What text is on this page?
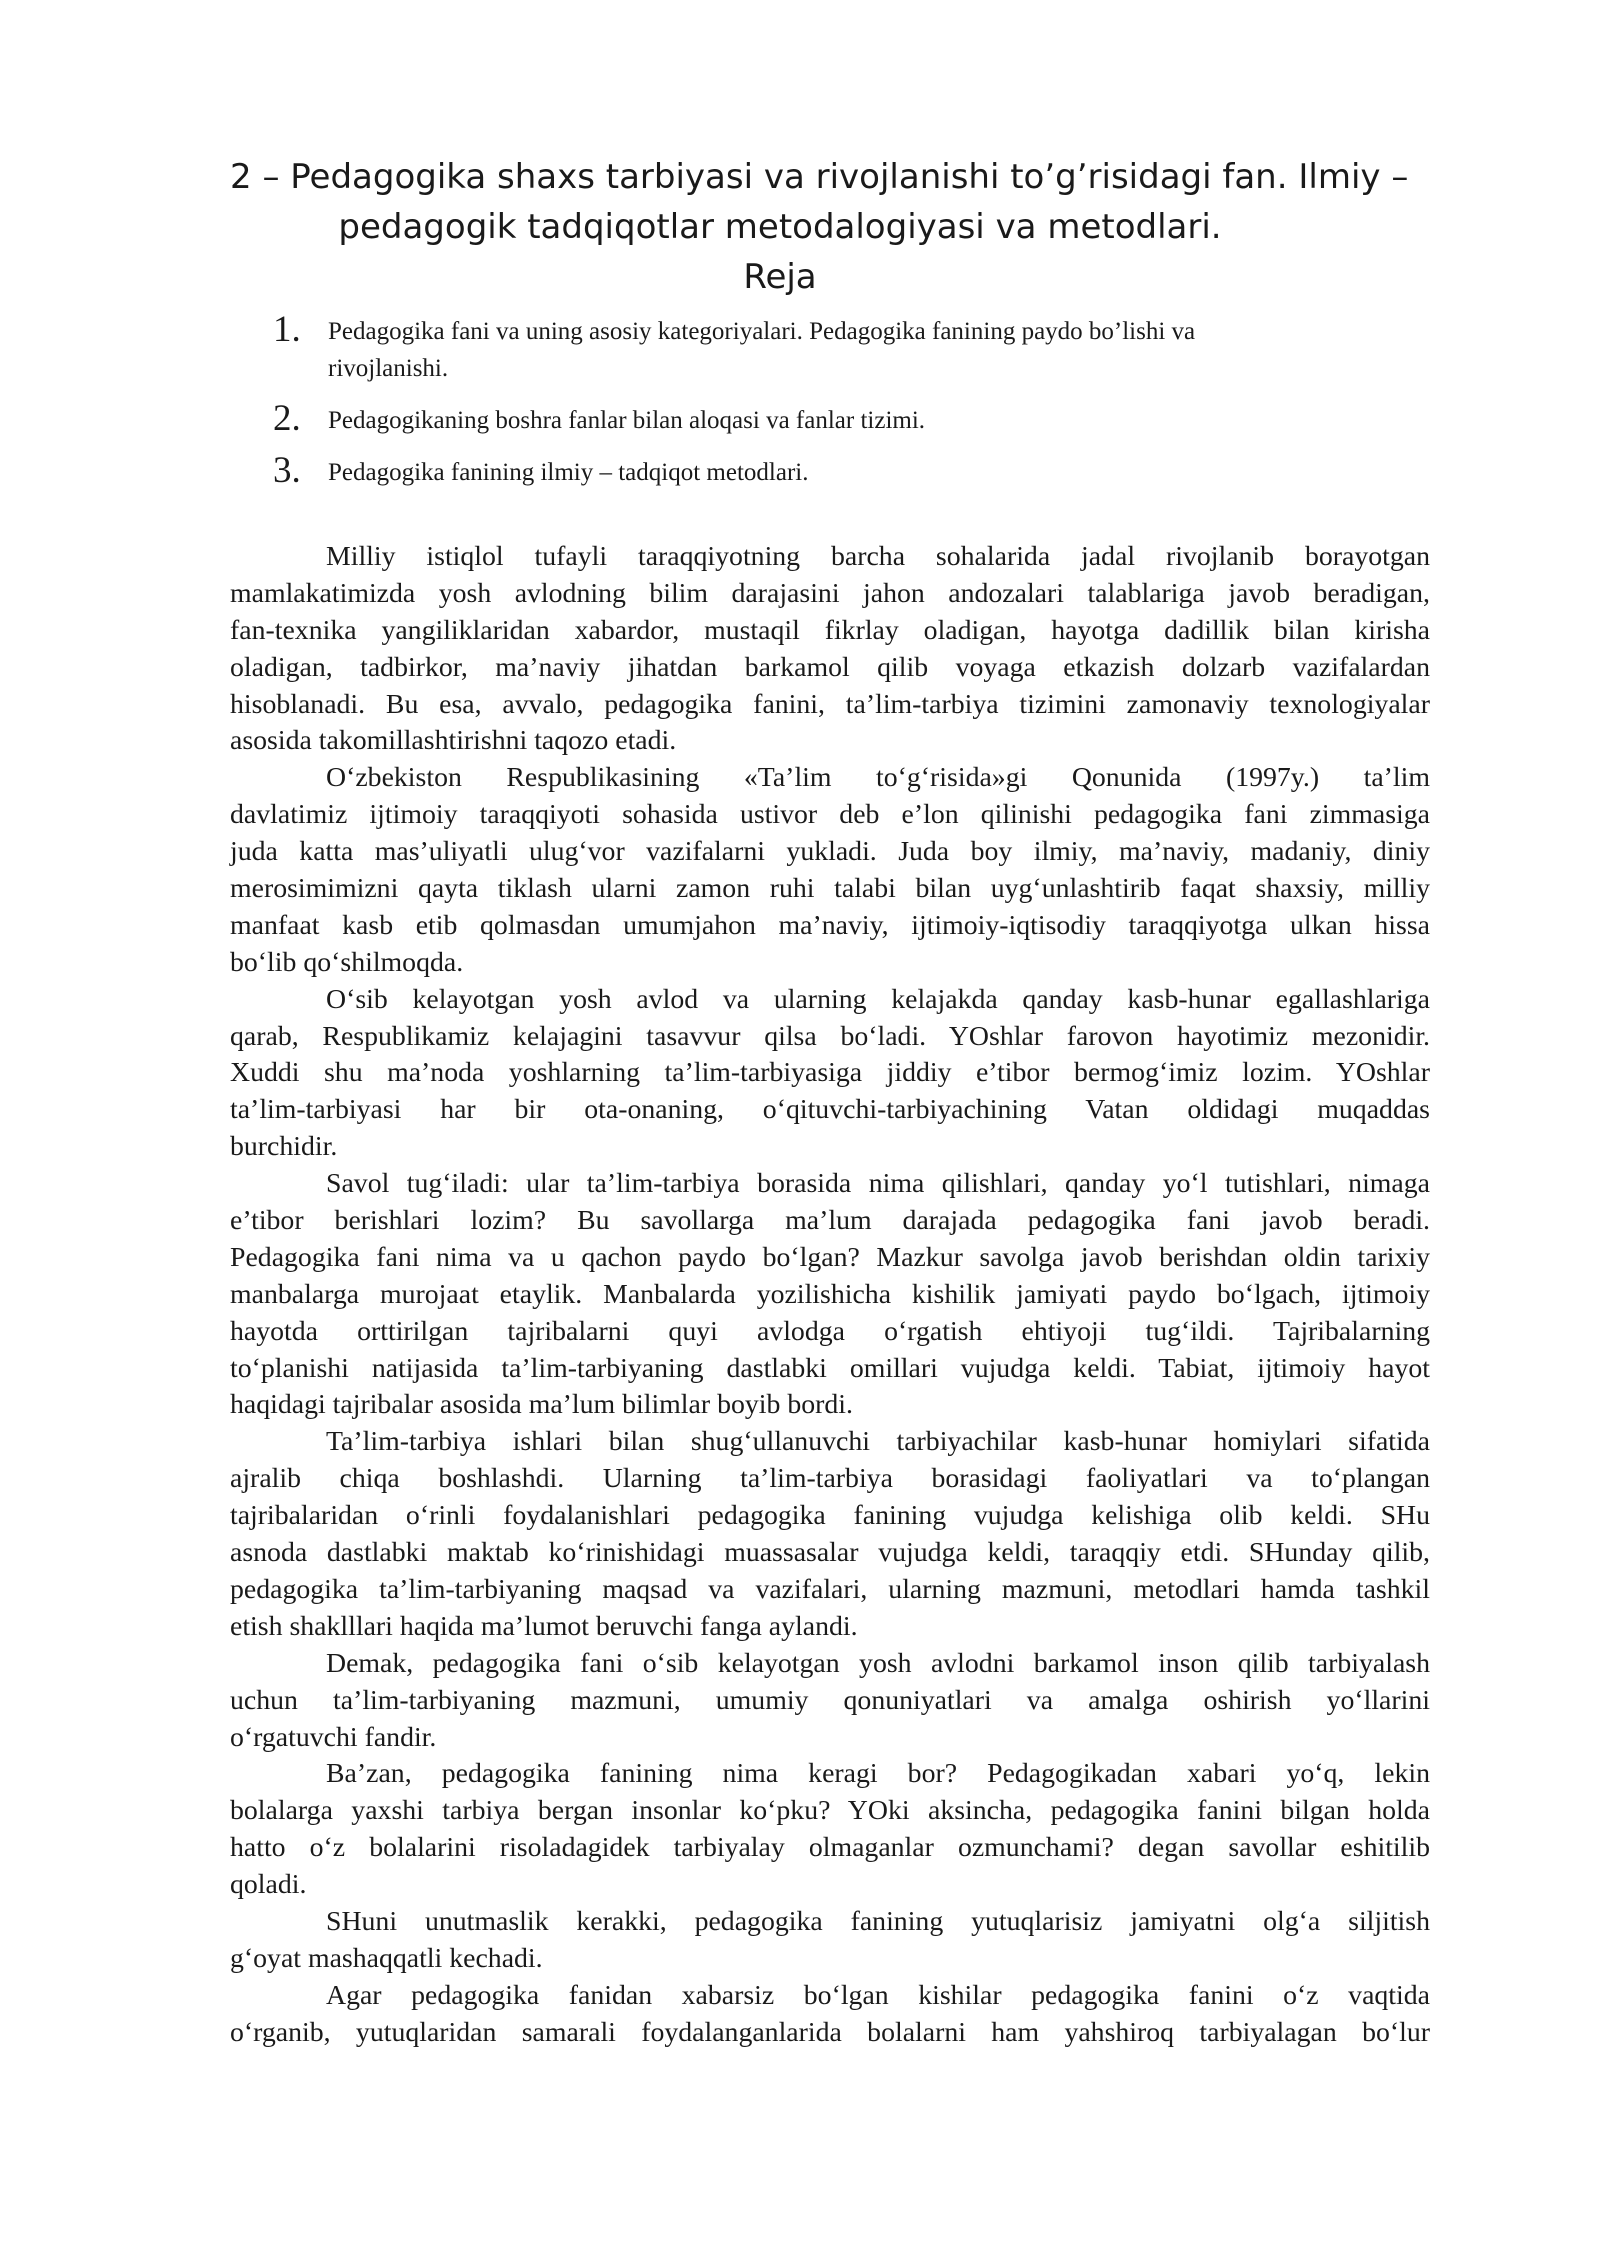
2 – Pedagogika shaxs tarbiyasi va rivojlanishi to’g’risidagi fan. Ilmiy –
pedagogik tadqiqotlar metodalogiyasi va metodlari.
Reja
1. Pedagogika fani va uning asosiy kategoriyalari. Pedagogika fanining paydo bo’lishi va
rivojlanishi.
2. Pedagogikaning boshra fanlar bilan aloqasi va fanlar tizimi.
3. Pedagogika fanining ilmiy – tadqiqot metodlari.
Milliy istiqlol tufayli taraqqiyotning barcha sohalarida jadal rivojlanib borayotgan
mamlakatimizda yosh avlodning bilim darajasini jahon andozalari talablariga javob beradigan,
fan-texnika yangiliklaridan xabardor, mustaqil fikrlay oladigan, hayotga dadillik bilan kirisha
oladigan, tadbirkor, ma’naviy jihatdan barkamol qilib voyaga etkazish dolzarb vazifalardan
hisoblanadi. Bu esa, avvalo, pedagogika fanini, ta’lim-tarbiya tizimini zamonaviy texnologiyalar
asosida takomillashtirishni taqozo etadi.
O‘zbekiston Respublikasining «Ta’lim to‘g‘risida»gi Qonunida (1997y.) ta’lim
davlatimiz ijtimoiy taraqqiyoti sohasida ustivor deb e’lon qilinishi pedagogika fani zimmasiga
juda katta mas’uliyatli ulug‘vor vazifalarni yukladi. Juda boy ilmiy, ma’naviy, madaniy, diniy
merosimimizni qayta tiklash ularni zamon ruhi talabi bilan uyg‘unlashtirib faqat shaxsiy, milliy
manfaat kasb etib qolmasdan umumjahon ma’naviy, ijtimoiy-iqtisodiy taraqqiyotga ulkan hissa
bo‘lib qo‘shilmoqda.
O‘sib kelayotgan yosh avlod va ularning kelajakda qanday kasb-hunar egallashlariga
qarab, Respublikamiz kelajagini tasavvur qilsa bo‘ladi. YOshlar farovon hayotimiz mezonidir.
Xuddi shu ma’noda yoshlarning ta’lim-tarbiyasiga jiddiy e’tibor bermog‘imiz lozim. YOshlar
ta’lim-tarbiyasi har bir ota-onaning, o‘qituvchi-tarbiyachining Vatan oldidagi muqaddas
burchidir.
Savol tug‘iladi: ular ta’lim-tarbiya borasida nima qilishlari, qanday yo‘l tutishlari, nimaga
e’tibor berishlari lozim? Bu savollarga ma’lum darajada pedagogika fani javob beradi.
Pedagogika fani nima va u qachon paydo bo‘lgan? Mazkur savolga javob berishdan oldin tarixiy
manbalarga murojaat etaylik. Manbalarda yozilishicha kishilik jamiyati paydo bo‘lgach, ijtimoiy
hayotda orttirilgan tajribalarni quyi avlodga o‘rgatish ehtiyoji tug‘ildi. Tajribalarning
to‘planishi natijasida ta’lim-tarbiyaning dastlabki omillari vujudga keldi. Tabiat, ijtimoiy hayot
haqidagi tajribalar asosida ma’lum bilimlar boyib bordi.
Ta’lim-tarbiya ishlari bilan shug‘ullanuvchi tarbiyachilar kasb-hunar homiylari sifatida
ajralib chiqa boshlashdi. Ularning ta’lim-tarbiya borasidagi faoliyatlari va to‘plangan
tajribalaridan o‘rinli foydalanishlari pedagogika fanining vujudga kelishiga olib keldi. SHu
asnoda dastlabki maktab ko‘rinishidagi muassasalar vujudga keldi, taraqqiy etdi. SHunday qilib,
pedagogika ta’lim-tarbiyaning maqsad va vazifalari, ularning mazmuni, metodlari hamda tashkil
etish shaklllari haqida ma’lumot beruvchi fanga aylandi.
Demak, pedagogika fani o‘sib kelayotgan yosh avlodni barkamol inson qilib tarbiyalash
uchun ta’lim-tarbiyaning mazmuni, umumiy qonuniyatlari va amalga oshirish yo‘llarini
o‘rgatuvchi fandir.
Ba’zan, pedagogika fanining nima keragi bor? Pedagogikadan xabari yo‘q, lekin
bolalarga yaxshi tarbiya bergan insonlar ko‘pku? YOki aksincha, pedagogika fanini bilgan holda
hatto o‘z bolalarini risoladagidek tarbiyalay olmaganlar ozmunchami? degan savollar eshitilib
qoladi.
SHuni unutmaslik kerakki, pedagogika fanining yutuqlarisiz jamiyatni olg‘a siljitish
g‘oyat mashaqqatli kechadi.
Agar pedagogika fanidan xabarsiz bo‘lgan kishilar pedagogika fanini o‘z vaqtida
o‘rganib, yutuqlaridan samarali foydalanganlarida bolalarni ham yahshiroq tarbiyalagan bo‘lur
